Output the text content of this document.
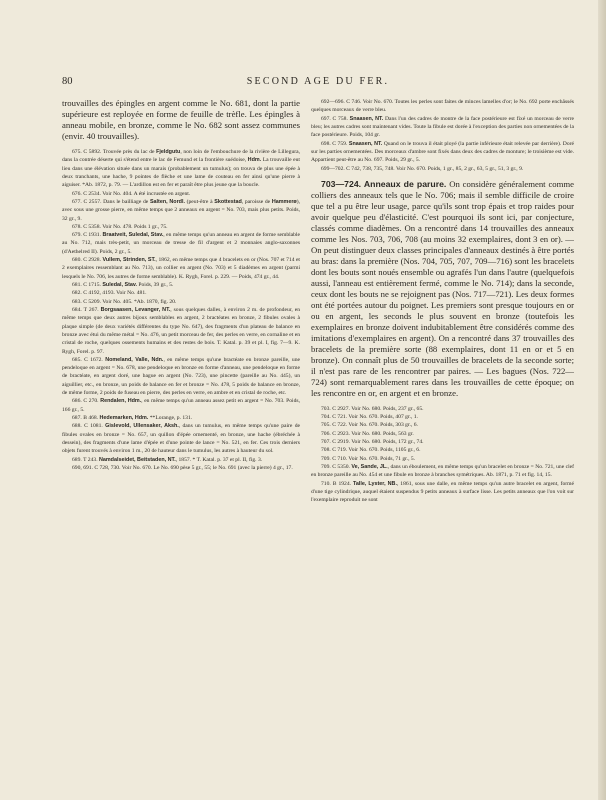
80	SECOND AGE DU FER.

trouvailles des épingles en argent comme le No. 681, dont la partie supérieure est reployée en forme de feuille de trèfle. Les épingles à anneau mobile, en bronze, comme le No. 682 sont assez communes (envir. 40 trouvailles).

675. C 5892. Trouvée près du lac de Fjeldgutu, non loin de l'embouchure de la rivière de Lillegura, dans la contrée déserte qui s'étend entre le lac de Femund et la frontière suédoise, Hdm. La trouvaille eut lieu dans une élévation située dans un marais (probablement un tumulus); on trouva de plus une épée à deux tranchants, une hache, 9 pointes de flèche et une lame de couteau en fer ainsi qu'une pierre à aiguiser. *Ab. 1872, p. 79. — L'ardillon est en fer et paraît être plus jeune que la boucle.

676. C 2534. Voir No. 404. A été incrustée en argent.

677. C 2557. Dans le bailliage de Salten, Nordl. (peut-être à Skottestad, paroisse de Hammerø), avec sous une grosse pierre, en même temps que 2 anneaux en argent = No. 703, mais plus petits. Poids, 32 gr., 9.

678. C 5358. Voir No. 478. Poids 1 gr., 75.

679. C 1931. Braatveit, Suledal, Stav., en même temps qu'un anneau en argent de forme semblable au No. 712, mais très-petit, un morceau de tresse de fil d'argent et 2 monnaies anglo-saxonnes (d'Aethelred II). Poids, 2 gr., 5.

680. C 2928. Vullem, Strinden, ST., 1862, en même temps que 4 bracelets en or (Nos. 707 et 714 et 2 exemplaires ressemblant au No. 713), un collier en argent (No. 703) et 5 diadèmes en argent (parmi lesquels le No. 706, les autres de forme semblable). K. Rygh, Forel. p. 229. — Poids, 474 gr., 44.

681. C 1715. Suledal, Stav. Poids, 39 gr., 5.

682. C 4192, 4193. Voir No. 481.

683. C 5209. Voir No. 405. *Ab. 1870, fig. 20.

684. T 267. Borgsaasen, Levanger, NT., sous quelques dalles, à environ 2 m. de profondeur, en même temps que deux autres bijoux semblables en argent, 2 bractéates en bronze, 2 fibules ovales à plaque simple (de deux variétés différentes du type No. 647), des fragments d'un plateau de balance en bronze avec étui du même métal = No. 476, un petit morceau de fer, des perles en verre, en cornaline et en cristal de roche, quelques ossements humains et des restes de bois. T. Katal. p. 39 et pl. I, fig. 7—9. K. Rygh, Forel. p. 97.

685. C 1672. Nomeland, Valle, Ndn., en même temps qu'une bractéate en bronze pareille, une pendeloque en argent = No. 678, une pendeloque en bronze en forme d'anneau, une pendeloque en forme de bractéate, en argent doré, une bague en argent (No. 723), une pincette (pareille au No. 445), un aiguillier, etc., en bronze, un poids de balance en fer et bronze = No. 478, 5 poids de balance en bronze, de même forme, 2 poids de fuseau en pierre, des perles en verre, en ambre et en cristal de roche, etc.

686. C 270. Rendalen, Hdm., en même temps qu'un anneau assez petit en argent = No. 703. Poids, 166 gr., 5.

687. B 468. Hedemarken, Hdm. **Lorange, p. 131.

688. C 1081. Gislevold, Ullensaker, Aksh., dans un tumulus, en même temps qu'une paire de fibules ovales en bronze = No. 657, un quillon d'épée ornementé, en bronze, une hache (ébréchée à dessein), des fragments d'une lame d'épée et d'une pointe de lance = No. 521, en fer. Ces trois derniers objets furent trouvés à environ 1 m., 20 de hauteur dans le tumulus, les autres à hauteur du sol.

689. T 243. Namdalseidet, Beitstaden, NT., 1857. * T. Katal. p. 37 et pl. II, fig. 3.

690, 691. C 728, 730. Voir No. 670. Le No. 690 pèse 5 gr., 55; le No. 691 (avec la pierre) 4 gr., 17.

692—696. C 746. Voir No. 670. Toutes les perles sont faites de minces lamelles d'or; le No. 692 porte enchâssés quelques morceaux de verre bleu.

697. C 758. Snaasen, NT. Dans l'un des cadres de montre de la face postérieure est fixé un morceau de verre bleu; les autres cadres sont maintenant vides. Toute la fibule est dorée à l'exception des parties non ornementées de la face postérieure. Poids, 104 gr.

698. C 759. Snaasen, NT. Quand on le trouva il était ployé (la partie inférieure était relevée par derrière). Doré sur les parties ornementées. Des morceaux d'ambre sont fixés dans deux des cadres de monture; le troisième est vide. Appartient peut-être au No. 697. Poids, 29 gr., 5.

699—702. C 742, 738, 735, 748. Voir No. 670. Poids, 1 gr., 85, 2 gr., 63, 5 gr., 51, 3 gr., 9.

703—724. Anneaux de parure. On considère généralement comme colliers des anneaux tels que le No. 706; mais il semble difficile de croire que tel a pu être leur usage, parce qu'ils sont trop épais et trop raides pour avoir quelque peu d'élasticité. C'est pourquoi ils sont ici, par conjecture, classés comme diadèmes. On a rencontré dans 14 trouvailles des anneaux comme les Nos. 703, 706, 708 (au moins 32 exemplaires, dont 3 en or). — On peut distinguer deux classes principales d'anneaux destinés à être portés au bras: dans la première (Nos. 704, 705, 707, 709—716) sont les bracelets dont les bouts sont noués ensemble ou agrafés l'un dans l'autre (quelquefois aussi, l'anneau est entièrement fermé, comme le No. 714); dans la seconde, ceux dont les bouts ne se rejoignent pas (Nos. 717—721). Les deux formes ont été portées autour du poignet. Les premiers sont presque toujours en or ou en argent, les seconds le plus souvent en bronze (toutefois les exemplaires en bronze doivent indubitablement être considérés comme des imitations d'exemplaires en argent). On a rencontré dans 37 trouvailles des bracelets de la première sorte (88 exemplaires, dont 11 en or et 5 en bronze). On connaît plus de 50 trouvailles de bracelets de la seconde sorte; il n'est pas rare de les rencontrer par paires. — Les bagues (Nos. 722—724) sont remarquablement rares dans les trouvailles de cette époque; on les rencontre en or, en argent et en bronze.

703. C 2927. Voir No. 680. Poids, 237 gr., 65.

704. C 721. Voir No. 670. Poids, 407 gr., 1.

705. C 722. Voir No. 670. Poids, 303 gr., 6.

706. C 2923. Voir No. 680. Poids, 563 gr.

707. C 2919. Voir No. 680. Poids, 172 gr., 74.

708. C 719. Voir No. 670. Poids, 1105 gr., 6.

709. C 710. Voir No. 670. Poids, 71 gr., 5.

709. C 5350. Ve, Sande, JL., dans un éboulement, en même temps qu'un bracelet en bronze = No. 721, une clef en bronze pareille au No. 454 et une fibule en bronze à branches symétriques. Ab. 1871, p. 71 et fig. 14, 15.

710. B 1924. Talle, Lyster, NB., 1861, sous une dalle, en même temps qu'un autre bracelet en argent, formé d'une tige cylindrique, auquel étaient suspendus 9 petits anneaux à surface lisse. Les petits anneaux que l'on voit sur l'exemplaire reproduit ne sont
